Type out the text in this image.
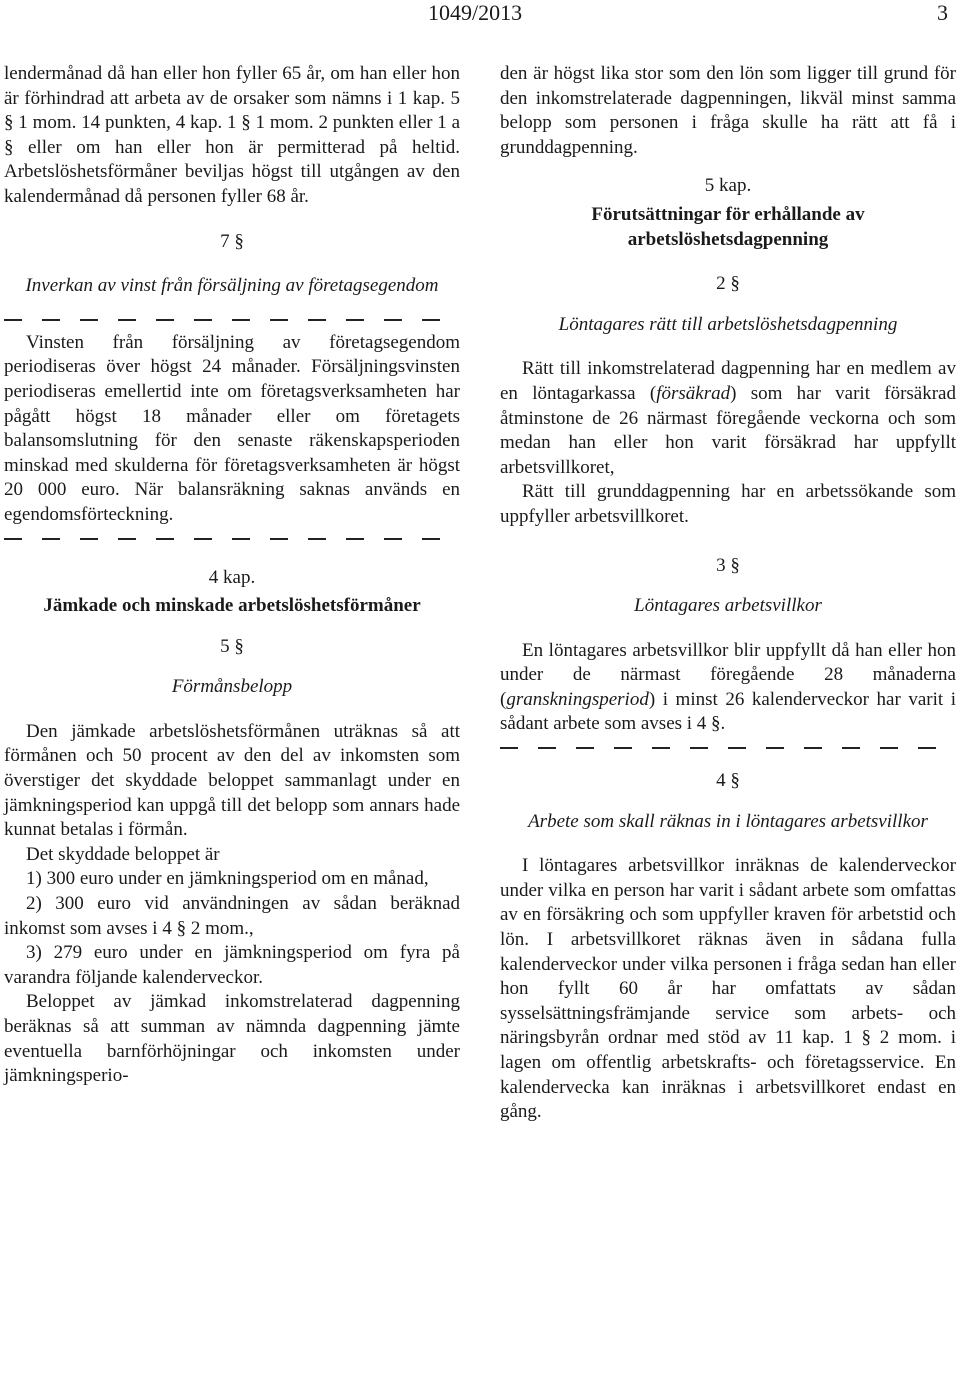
1049/2013	3

lendermånad då han eller hon fyller 65 år, om han eller hon är förhindrad att arbeta av de orsaker som nämns i 1 kap. 5 § 1 mom. 14 punkten, 4 kap. 1 § 1 mom. 2 punkten eller 1 a § eller om han eller hon är permitterad på heltid. Arbetslöshetsförmåner beviljas högst till utgången av den kalendermånad då personen fyller 68 år.

7 §
Inverkan av vinst från försäljning av företagsegendom

Vinsten från försäljning av företagsegendom periodiseras över högst 24 månader. Försäljningsvinsten periodiseras emellertid inte om företagsverksamheten har pågått högst 18 månader eller om företagets balansomslutning för den senaste räkenskapsperioden minskad med skulderna för företagsverksamheten är högst 20 000 euro. När balansräkning saknas används en egendomsförteckning.

4 kap.
Jämkade och minskade arbetslöshetsförmåner
5 §
Förmånsbelopp

Den jämkade arbetslöshetsförmånen uträknas så att förmånen och 50 procent av den del av inkomsten som överstiger det skyddade beloppet sammanlagt under en jämkningsperiod kan uppgå till det belopp som annars hade kunnat betalas i förmån.

Det skyddade beloppet är

1) 300 euro under en jämkningsperiod om en månad,

2) 300 euro vid användningen av sådan beräknad inkomst som avses i 4 § 2 mom.,

3) 279 euro under en jämkningsperiod om fyra på varandra följande kalenderveckor.

Beloppet av jämkad inkomstrelaterad dagpenning beräknas så att summan av nämnda dagpenning jämte eventuella barnförhöjningar och inkomsten under jämkningsperio-

den är högst lika stor som den lön som ligger till grund för den inkomstrelaterade dagpenningen, likväl minst samma belopp som personen i fråga skulle ha rätt att få i grunddagpenning.

5 kap.
Förutsättningar för erhållande av arbetslöshetsdagpenning
2 §
Löntagares rätt till arbetslöshetsdagpenning

Rätt till inkomstrelaterad dagpenning har en medlem av en löntagarkassa (försäkrad) som har varit försäkrad åtminstone de 26 närmast föregående veckorna och som medan han eller hon varit försäkrad har uppfyllt arbetsvillkoret,

Rätt till grunddagpenning har en arbetssökande som uppfyller arbetsvillkoret.

3 §
Löntagares arbetsvillkor

En löntagares arbetsvillkor blir uppfyllt då han eller hon under de närmast föregående 28 månaderna (granskningsperiod) i minst 26 kalenderveckor har varit i sådant arbete som avses i 4 §.

4 §
Arbete som skall räknas in i löntagares arbetsvillkor

I löntagares arbetsvillkor inräknas de kalenderveckor under vilka en person har varit i sådant arbete som omfattas av en försäkring och som uppfyller kraven för arbetstid och lön. I arbetsvillkoret räknas även in sådana fulla kalenderveckor under vilka personen i fråga sedan han eller hon fyllt 60 år har omfattats av sådan sysselsättningsfrämjande service som arbets- och näringsbyrån ordnar med stöd av 11 kap. 1 § 2 mom. i lagen om offentlig arbetskrafts- och företagsservice. En kalendervecka kan inräknas i arbetsvillkoret endast en gång.
